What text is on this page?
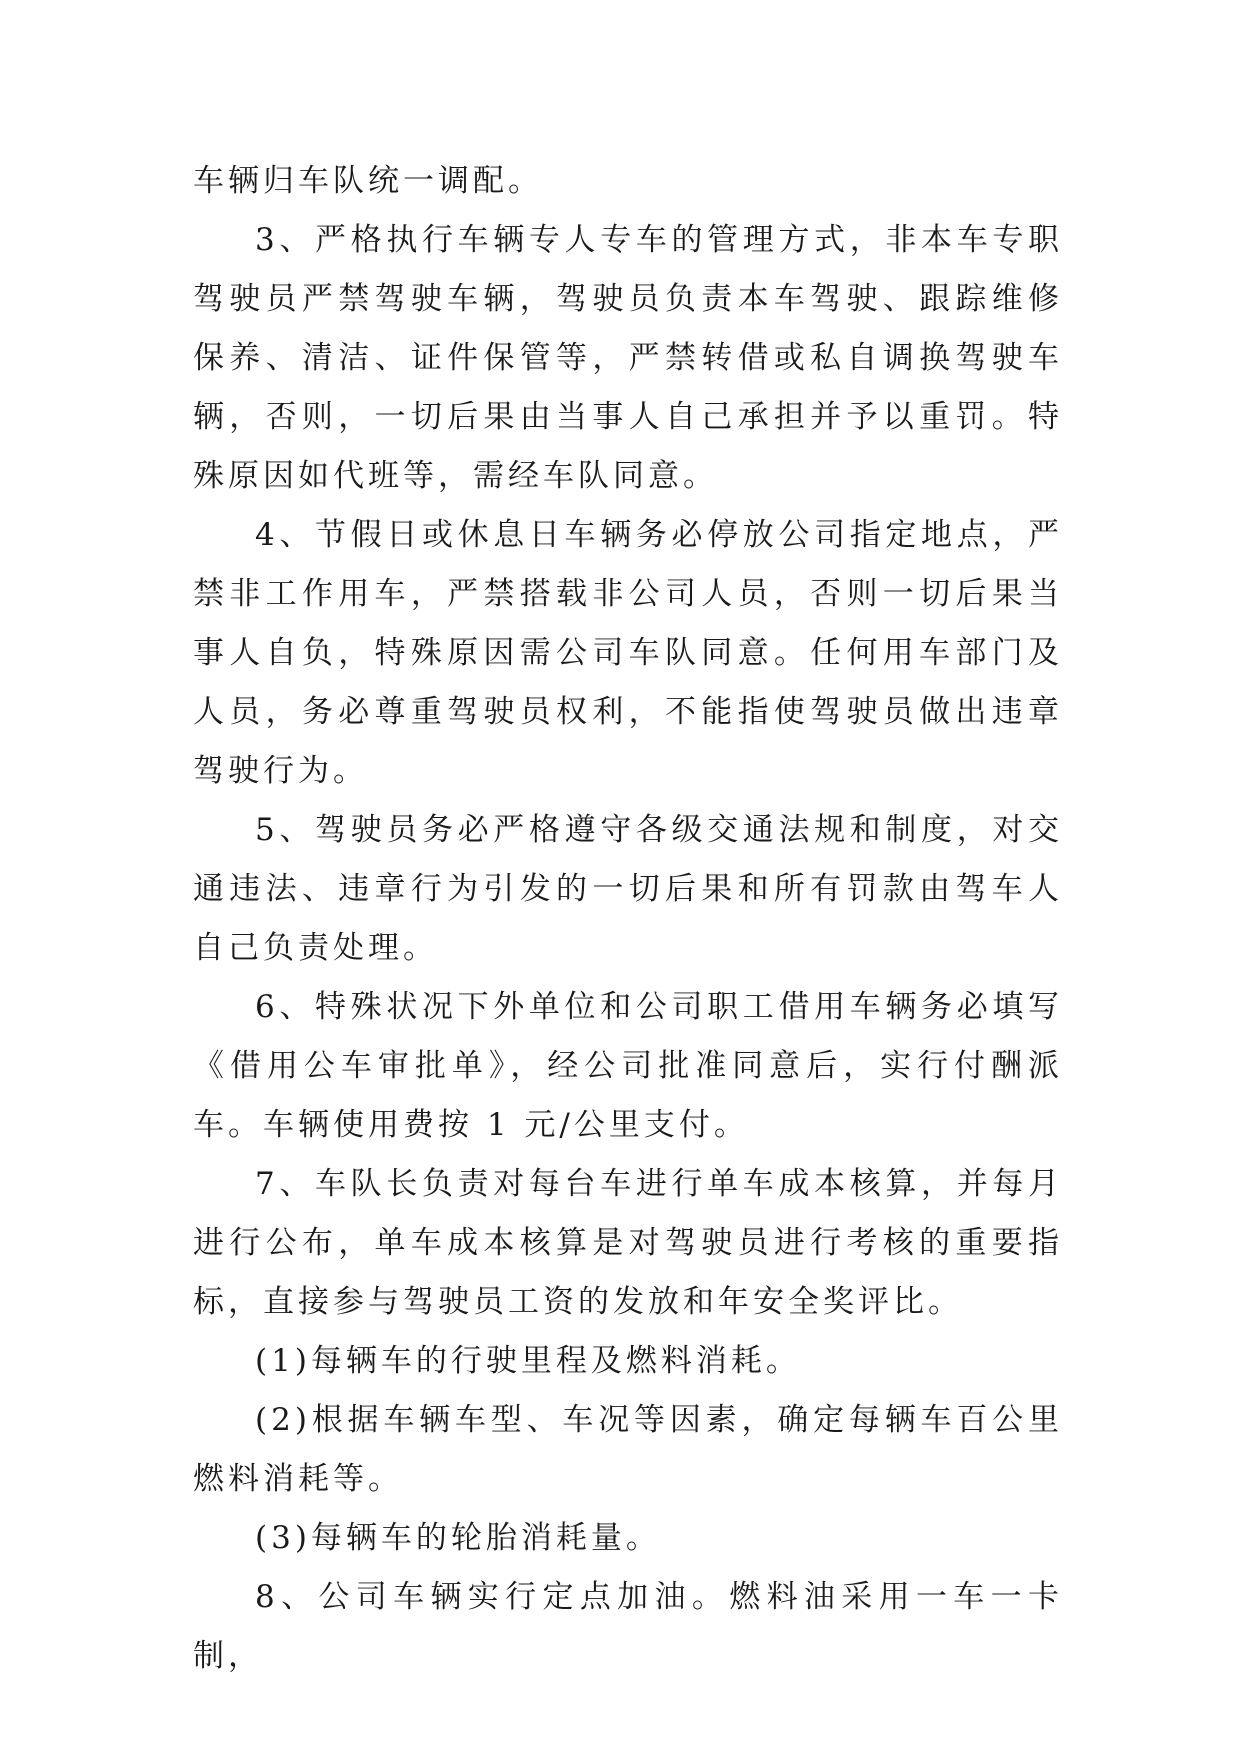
车辆归车队统一调配。

3、严格执行车辆专人专车的管理方式，非本车专职驾驶员严禁驾驶车辆，驾驶员负责本车驾驶、跟踪维修保养、清洁、证件保管等，严禁转借或私自调换驾驶车辆，否则，一切后果由当事人自己承担并予以重罚。特殊原因如代班等，需经车队同意。

4、节假日或休息日车辆务必停放公司指定地点，严禁非工作用车，严禁搭载非公司人员，否则一切后果当事人自负，特殊原因需公司车队同意。任何用车部门及人员，务必尊重驾驶员权利，不能指使驾驶员做出违章驾驶行为。

5、驾驶员务必严格遵守各级交通法规和制度，对交通违法、违章行为引发的一切后果和所有罚款由驾车人自己负责处理。

6、特殊状况下外单位和公司职工借用车辆务必填写《借用公车审批单》，经公司批准同意后，实行付酬派车。车辆使用费按 1 元/公里支付。

7、车队长负责对每台车进行单车成本核算，并每月进行公布，单车成本核算是对驾驶员进行考核的重要指标，直接参与驾驶员工资的发放和年安全奖评比。

(1)每辆车的行驶里程及燃料消耗。

(2)根据车辆车型、车况等因素，确定每辆车百公里燃料消耗等。

(3)每辆车的轮胎消耗量。

8、公司车辆实行定点加油。燃料油采用一车一卡制，
